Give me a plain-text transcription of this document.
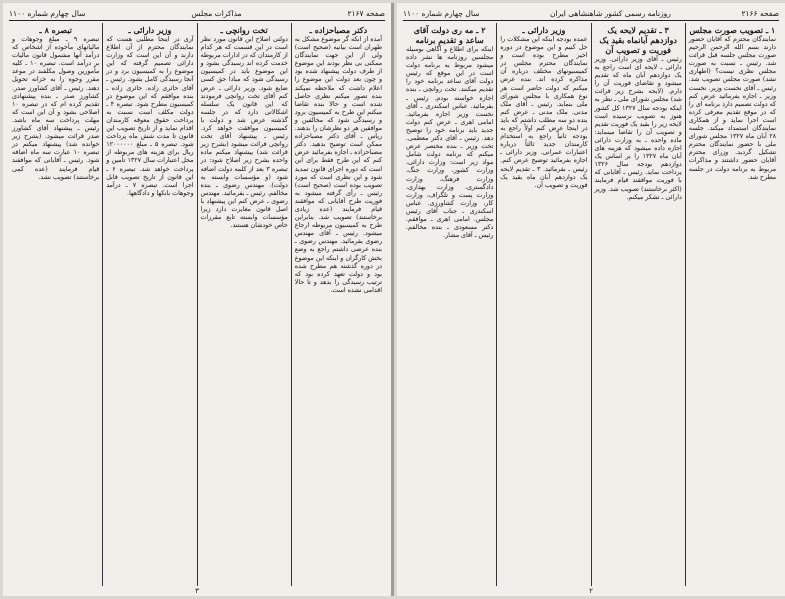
صفحه ۲۱۶۷
مذاکرات مجلس
سال چهارم شماره ۱۱۰۰
دکتر مصباحزاده ـ

آمده از انکه گر موضوع مشکل به طهران است بیانیه (صحیح است) ولی از این جهت نمایندگان ممکنی بی نظر بودند این موضوع از طرف دولت پیشنهاد شده بود و چون بعد دولت این موضوع را اعلام داشت که ملاحظه نمیکند بنده تصور میکنم نظری حاصل شده است و حالا بنده تقاضا میکنم این طرح به کمیسیون برود و رسیدگی شود که مخالفین و موافقین هر دو نظرشان را بدهند. ریاس ـ آقای دکتر مصباحزاده ممکن است توضیح بدهید. دکتر مصباحزاده ـ اجازه بفرمائید عرض کنم که این طرح فقط برای این است که دوره اجرای قانون تمدید شود و این نظری است که مورد تصویب بوده است (صحیح است) رئیس ـ رأی گرفته میشود به فوریت طرح آقایانی که موافقند قیام فرمایند (عده زیادی برخاستند) تصویب شد. بنابراین طرح به کمیسیون مربوطه ارجاع میشود. رئیس ـ آقای مهندس رضوی بفرمائید. مهندس رضوی ـ بنده عرضی داشتم راجع به وضع بخش کارگران و اینکه این موضوع در دوره گذشته هم مطرح شده بود و دولت تعهد کرده بود که ترتیب رسیدگی را بدهد و تا حالا اقدامی نشده است.

تخت روانچی ـ

دولتی اصلاح این قانون مورد نظر است در این قسمت که هر کدام از کارمندان که در ادارات مربوطه خدمت کرده اند رسیدگی بشود و این موضوع باید در کمیسیون رسیدگی شود که مبادا حق کسی ضایع شود. وزیر دارائی ـ عرض کنم آقای تخت روانچی فرمودند که این قانون یک سلسله اشکالاتی دارد که در جلسه گذشته عرض شد و دولت با کمیسیون موافقت خواهد کرد. رئیس ـ پیشنهاد آقای تخت روانچی قرائت میشود (بشرح زیر قرائت شد) پیشنهاد میکنم ماده واحده بشرح زیر اصلاح شود: در تبصره ۳ بعد از کلمه دولت اضافه شود (و مؤسسات وابسته به دولت). مهندس رضوی ـ بنده مخالفم. رئیس ـ بفرمائید. مهندس رضوی ـ عرض کنم این پیشنهاد با اصل قانون مغایرت دارد زیرا مؤسسات وابسته تابع مقررات خاص خودشان هستند.

وزیر دارائی ـ

آری در اینجا مطلبی هست که نمایندگان محترم از آن اطلاع دارند و آن این است که وزارت دارائی تصمیم گرفته که این موضوع را به کمیسیون برد و در آنجا رسیدگی کامل بشود. رئیس ـ آقای حائری زاده. حائری زاده ـ بنده موافقم که این موضوع در کمیسیون مطرح شود. تبصره ۴ ـ دولت مکلف است نسبت به پرداخت حقوق معوقه کارمندان اقدام نماید و از تاریخ تصویب این قانون تا مدت شش ماه پرداخت شود. تبصره ۵ ـ مبلغ ۱۲۰۰۰۰۰۰ ریال برای هزینه های مربوطه از محل اعتبارات سال ۱۳۲۷ تأمین و پرداخت خواهد شد. تبصره ۶ ـ این قانون از تاریخ تصویب قابل اجرا است. تبصره ۷ ـ درآمد وجوهات بانکها و دادگاهها.

تبصره ۸ ـ

تبصره ۹ ـ مبلغ وجوهات و مالیاتهای مأخوذه از اشخاص که درآمد آنها مشمول قانون مالیات بر درآمد است. تبصره ۱۰ ـ کلیه مأمورین وصول مکلفند در موعد مقرر وجوه را به خزانه تحویل دهند. رئیس ـ آقای کشاورز صدر. کشاورز صدر ـ بنده پیشنهادی تقدیم کرده ام که در تبصره ۱۰ اصلاحی بشود و آن این است که مهلت پرداخت سه ماه باشد. رئیس ـ پیشنهاد آقای کشاورز صدر قرائت میشود. (بشرح زیر خوانده شد) پیشنهاد میکنم در تبصره ۱۰ عبارت سه ماه اضافه شود. رئیس ـ آقایانی که موافقند قیام فرمایند (عده کمی برخاستند) تصویب نشد.

۳
صفحه ۲۱۶۶
روزنامه رسمی کشور شاهنشاهی ایران
سال چهارم شماره ۱۱۰۰
۱ ـ تصویب صورت مجلس

نمایندگان محترم که آقایان حضور دارند بسم الله الرحمن الرحیم صورت مجلس جلسه قبل قرائت شد. رئیس ـ نسبت به صورت مجلس نظری نیست؟ (اظهاری نشد) صورت مجلس تصویب شد. رئیس ـ آقای نخست وزیر. نخست وزیر ـ اجازه بفرمائید عرض کنم که دولت تصمیم دارد برنامه ای را که در موقع تقدیم معرفی کرده است اجرا نماید و از همکاری نمایندگان استمداد میکند. جلسه ۲۸ آبان ماه ۱۳۲۷ مجلس شورای ملی با حضور نمایندگان محترم تشکیل گردید. وزرای محترم آقایان حضور داشتند و مذاکرات مربوط به برنامه دولت در جلسه مطرح شد.

۳ ـ تقدیم لایحه یک دوازدهم آبانماه بقید یک فوریت و تصویب آن

رئیس ـ آقای وزیر دارائی. وزیر دارائی ـ لایحه ای است راجع به یک دوازدهم آبان ماه که تقدیم میشود و تقاضای فوریت آن را دارم. (لایحه بشرح زیر قرائت شد) مجلس شورای ملی ـ نظر به اینکه بودجه سال ۱۳۲۷ کل کشور هنوز به تصویب نرسیده است لایحه زیر را بقید یک فوریت تقدیم و تصویب آن را تقاضا مینماید: ماده واحده ـ به وزارت دارائی اجازه داده میشود که هزینه های آبان ماه ۱۳۲۷ را بر اساس یک دوازدهم بودجه سال ۱۳۲۶ پرداخت نماید. رئیس ـ آقایانی که با فوریت موافقند قیام فرمایند (اکثر برخاستند) تصویب شد. وزیر دارائی ـ تشکر میکنم.

وزیر دارائی ـ

عمده بودجه اینکه این مشکلات را حل کنیم و این موضوع در دوره اخیر مطرح بوده است و نمایندگان محترم مجلس در کمیسیونهای مختلف درباره آن مذاکره کرده اند. بنده عرض میکنم که دولت حاضر است هر نوع همکاری با مجلس شورای ملی بنماید. رئیس ـ آقای ملک مدنی. ملک مدنی ـ عرض کنم بنده دو سه مطلب داشتم که باید در اینجا عرض کنم اولاً راجع به بودجه ثانیاً راجع به استخدام کارمندان جدید ثالثاً درباره اعتبارات عمرانی. وزیر دارائی ـ اجازه بفرمائید توضیح عرض کنم. رئیس ـ بفرمائید. ۳ ـ تقدیم لایحه یک دوازدهم آبان ماه بقید یک فوریت و تصویب آن.

۲ ـ مه ری دولت آقای ساعد و تقدیم برنامه

اینکه برای اطلاع و آگاهی بوسیله مجلسین روزنامه ها نشر داده میشود مربوط به برنامه دولت است در این موقع که رئیس دولت آقای ساعد برنامه خود را تقدیم میکنند. تخت روانچی ـ بنده اجازه خواسته بودم. رئیس ـ بفرمائید. عباس اسکندری ـ آقای نخست وزیر اجازه بفرمائید. امامی اهری ـ عرض کنم دولت جدید باید برنامه خود را توضیح دهد. رئیس ـ آقای دکتر معظمی. تخت وزیر ـ بنده مختصر عرض میکنم که برنامه دولت شامل مواد زیر است: وزارت دارائی، وزارت کشور، وزارت جنگ، وزارت فرهنگ، وزارت دادگستری، وزارت بهداری، وزارت پست و تلگراف، وزارت کار، وزارت کشاورزی. عباس اسکندری ـ جناب آقای رئیس مجلس. امامی اهری ـ موافقم. دکتر مسعودی ـ بنده مخالفم. رئیس ـ آقای مشار.

۲
